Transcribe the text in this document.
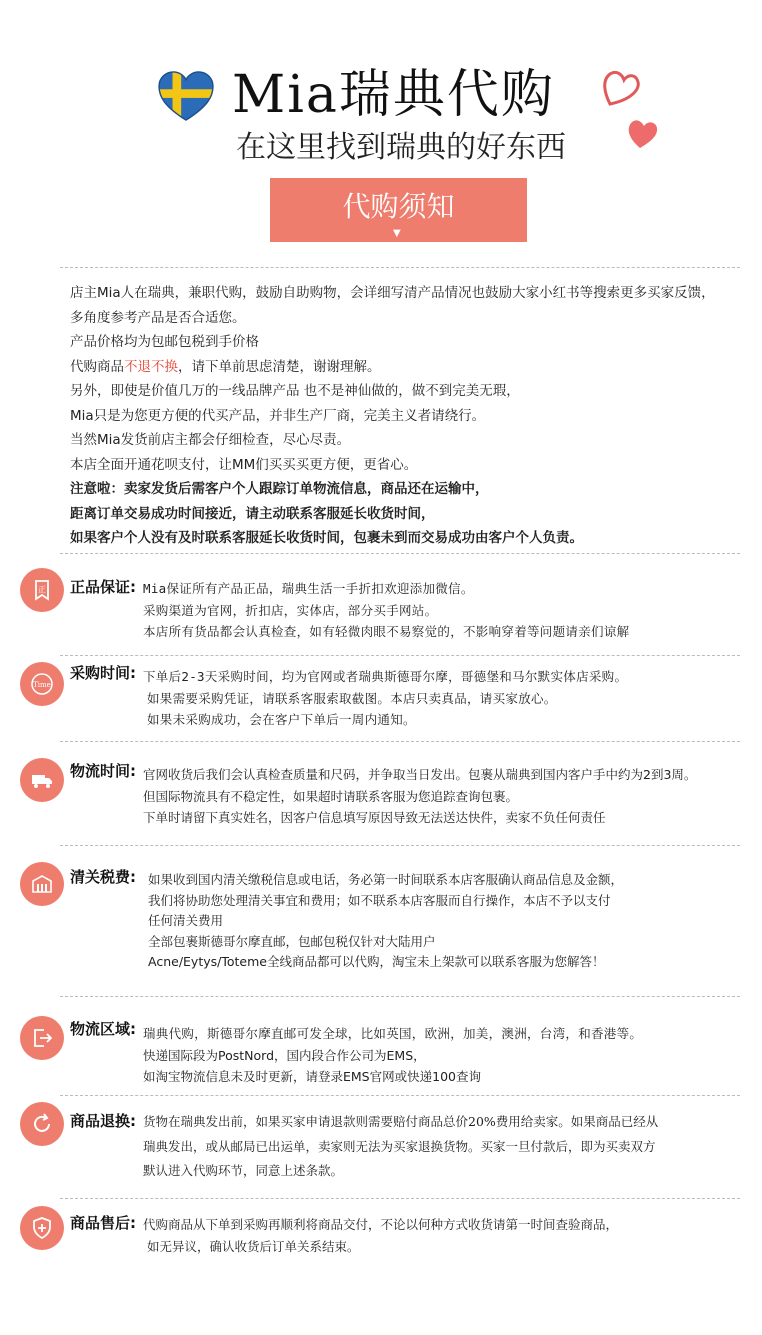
Mia瑞典代购
在这里找到瑞典的好东西
代购须知
▼
店主Mia人在瑞典，兼职代购，鼓励自助购物，会详细写清产品情况也鼓励大家小红书等搜索更多买家反馈，
多角度参考产品是否合适您。
产品价格均为包邮包税到手价格
代购商品不退不换，请下单前思虑清楚，谢谢理解。
另外，即使是价值几万的一线品牌产品 也不是神仙做的，做不到完美无瑕，
Mia只是为您更方便的代买产品，并非生产厂商，完美主义者请绕行。
当然Mia发货前店主都会仔细检查，尽心尽责。
本店全面开通花呗支付，让MM们买买买更方便，更省心。
注意啦：卖家发货后需客户个人跟踪订单物流信息，商品还在运输中，
距离订单交易成功时间接近，请主动联系客服延长收货时间，
如果客户个人没有及时联系客服延长收货时间，包裹未到而交易成功由客户个人负责。
正 正品保证: Mia保证所有产品正品，瑞典生活一手折扣欢迎添加微信。
采购渠道为官网，折扣店，实体店，部分买手网站。
本店所有货品都会认真检查，如有轻微肉眼不易察觉的，不影响穿着等问题请亲们谅解
Time
采购时间: 下单后2-3天采购时间，均为官网或者瑞典斯德哥尔摩，哥德堡和马尔默实体店采购。
如果需要采购凭证，请联系客服索取截图。本店只卖真品，请买家放心。
如果未采购成功，会在客户下单后一周内通知。
物流时间: 官网收货后我们会认真检查质量和尺码，并争取当日发出。包裹从瑞典到国内客户手中约为2到3周。
但国际物流具有不稳定性，如果超时请联系客服为您追踪查询包裹。
下单时请留下真实姓名，因客户信息填写原因导致无法送达快件，卖家不负任何责任
清关税费: 如果收到国内清关缴税信息或电话，务必第一时间联系本店客服确认商品信息及金额，
我们将协助您处理清关事宜和费用；如不联系本店客服而自行操作，本店不予以支付
任何清关费用
全部包裹斯德哥尔摩直邮，包邮包税仅针对大陆用户
Acne/Eytys/Toteme全线商品都可以代购，淘宝未上架款可以联系客服为您解答！
物流区域: 瑞典代购，斯德哥尔摩直邮可发全球，比如英国，欧洲，加美，澳洲，台湾，和香港等。
快递国际段为PostNord，国内段合作公司为EMS，
如淘宝物流信息未及时更新，请登录EMS官网或快递100查询
商品退换: 货物在瑞典发出前，如果买家申请退款则需要赔付商品总价20%费用给卖家。如果商品已经从
瑞典发出，或从邮局已出运单，卖家则无法为买家退换货物。买家一旦付款后，即为买卖双方
默认进入代购环节，同意上述条款。
商品售后: 代购商品从下单到采购再顺利将商品交付，不论以何种方式收货请第一时间查验商品，
如无异议，确认收货后订单关系结束。
